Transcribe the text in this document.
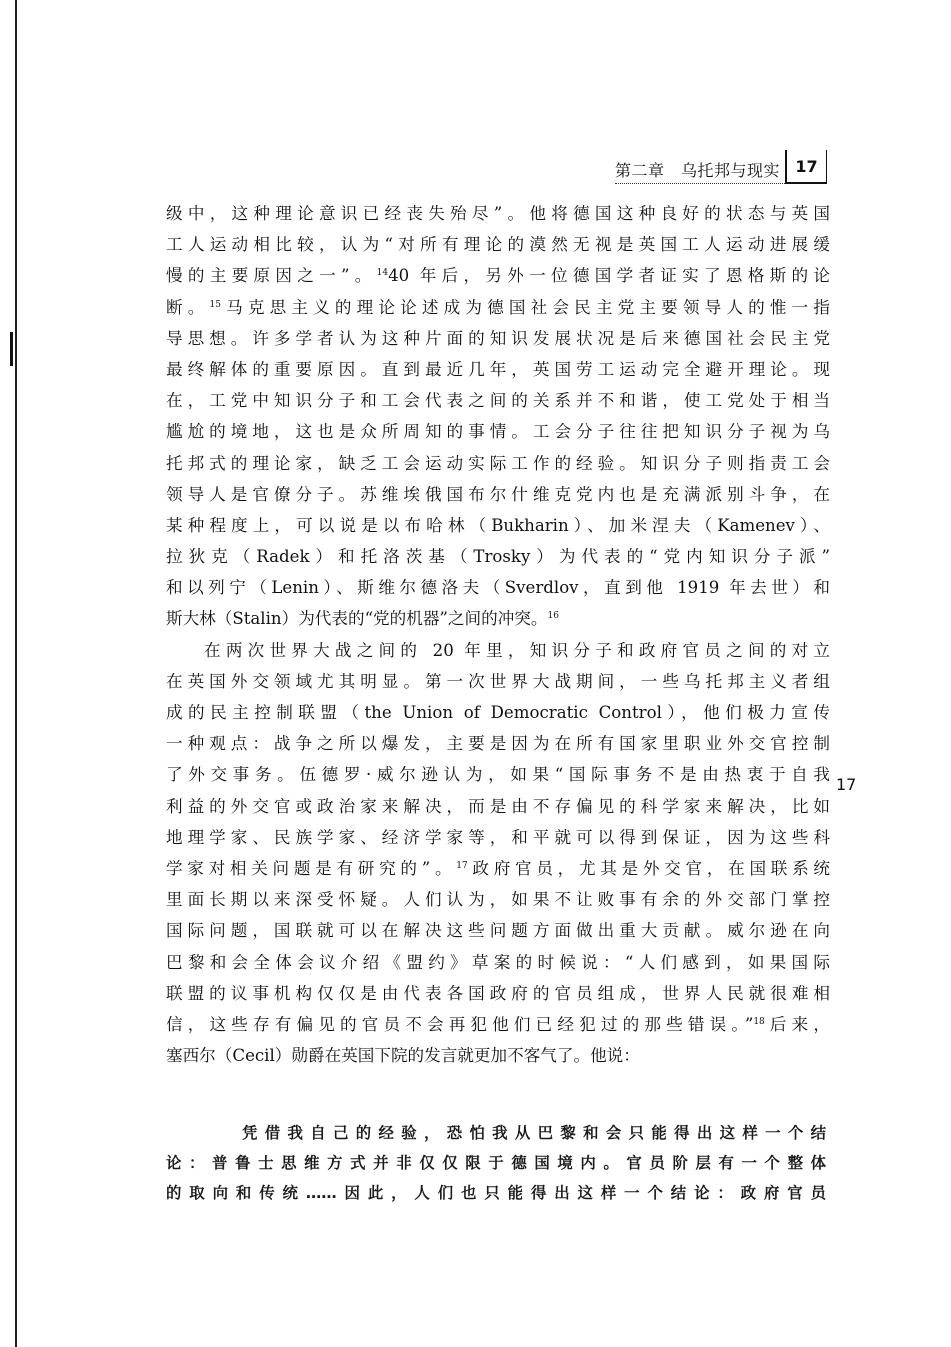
第二章　乌托邦与现实 17
级中，这种理论意识已经丧失殆尽”。他将德国这种良好的状态与英国
工人运动相比较，认为“对所有理论的漠然无视是英国工人运动进展缓
慢的主要原因之一”。$^{14}$40 年后，另外一位德国学者证实了恩格斯的论
断。$^{15}$马克思主义的理论论述成为德国社会民主党主要领导人的惟一指
导思想。许多学者认为这种片面的知识发展状况是后来德国社会民主党
最终解体的重要原因。直到最近几年，英国劳工运动完全避开理论。现
在，工党中知识分子和工会代表之间的关系并不和谐，使工党处于相当
尴尬的境地，这也是众所周知的事情。工会分子往往把知识分子视为乌
托邦式的理论家，缺乏工会运动实际工作的经验。知识分子则指责工会
领导人是官僚分子。苏维埃俄国布尔什维克党内也是充满派别斗争，在
某种程度上，可以说是以布哈林（Bukharin）、加米涅夫（Kamenev）、
拉狄克（Radek）和托洛茨基（Trosky）为代表的“党内知识分子派”
和以列宁（Lenin）、斯维尔德洛夫（Sverdlov，直到他 1919 年去世）和
斯大林（Stalin）为代表的“党的机器”之间的冲突。$^{16}$
在两次世界大战之间的 20 年里，知识分子和政府官员之间的对立
在英国外交领域尤其明显。第一次世界大战期间，一些乌托邦主义者组
成的民主控制联盟（the Union of Democratic Control），他们极力宣传
一种观点：战争之所以爆发，主要是因为在所有国家里职业外交官控制
了外交事务。伍德罗·威尔逊认为，如果“国际事务不是由热衷于自我
利益的外交官或政治家来解决，而是由不存偏见的科学家来解决，比如
地理学家、民族学家、经济学家等，和平就可以得到保证，因为这些科
学家对相关问题是有研究的”。$^{17}$政府官员，尤其是外交官，在国联系统
里面长期以来深受怀疑。人们认为，如果不让败事有余的外交部门掌控
国际问题，国联就可以在解决这些问题方面做出重大贡献。威尔逊在向
巴黎和会全体会议介绍《盟约》草案的时候说：“人们感到，如果国际
联盟的议事机构仅仅是由代表各国政府的官员组成，世界人民就很难相
信，这些存有偏见的官员不会再犯他们已经犯过的那些错误。”$^{18}$后来，
塞西尔（Cecil）勋爵在英国下院的发言就更加不客气了。他说：
17
凭借我自己的经验，恐怕我从巴黎和会只能得出这样一个结
论：普鲁士思维方式并非仅仅限于德国境内。官员阶层有一个整体
的取向和传统……因此，人们也只能得出这样一个结论：政府官员
